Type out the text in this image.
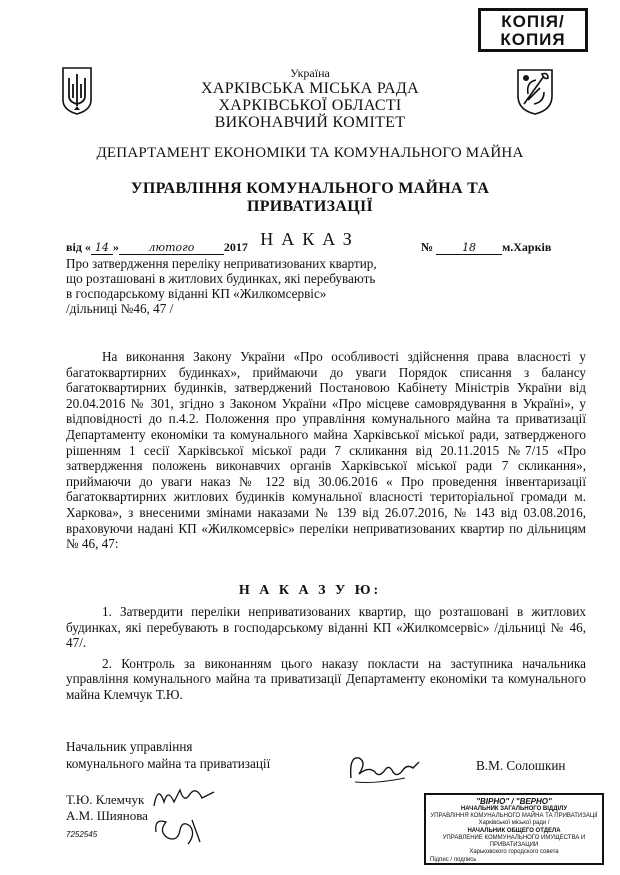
КОПІЯ/
КОПИЯ
Україна
ХАРКІВСЬКА МІСЬКА РАДА
ХАРКІВСЬКОЇ ОБЛАСТІ
ВИКОНАВЧИЙ КОМІТЕТ
ДЕПАРТАМЕНТ ЕКОНОМІКИ ТА КОМУНАЛЬНОГО МАЙНА
УПРАВЛІННЯ КОМУНАЛЬНОГО МАЙНА ТА
ПРИВАТИЗАЦІЇ
НАКАЗ
від « 14 »	лютого 2017	№	18 м.Харків
Про затвердження переліку неприватизованих квартир,
що розташовані в житлових будинках, які перебувають
в господарському віданні КП «Жилкомсервіс»
/дільниці №46, 47 /
На виконання Закону України «Про особливості здійснення права власності у багатоквартирних будинках», приймаючи до уваги Порядок списання з балансу багатоквартирних будинків, затверджений Постановою Кабінету Міністрів України від 20.04.2016 № 301, згідно з Законом України «Про місцеве самоврядування в Україні», у відповідності до п.4.2. Положення про управління комунального майна та приватизації Департаменту економіки та комунального майна Харківської міської ради, затвердженого рішенням 1 сесії Харківської міської ради 7 скликання від 20.11.2015 №7/15 «Про затвердження положень виконавчих органів Харківської міської ради 7 скликання», приймаючи до уваги наказ № 122 від 30.06.2016 « Про проведення інвентаризації багатоквартирних житлових будинків комунальної власності територіальної громади м. Харкова», з внесеними змінами наказами № 139 від 26.07.2016, № 143 від 03.08.2016, враховуючи надані КП «Жилкомсервіс» переліки неприватизованих квартир по дільницям № 46, 47:
Н А К А З У Ю:

1. Затвердити переліки неприватизованих квартир, що розташовані в житлових будинках, які перебувають в господарському віданні КП «Жилкомсервіс» /дільниці № 46, 47/.

2. Контроль за виконанням цього наказу покласти на заступника начальника управління комунального майна та приватизації Департаменту економіки та комунального майна Клемчук Т.Ю.

Начальник управління
комунального майна та приватизації	В.М. Солошкин
Т.Ю. Клемчук
А.М. Шиянова
7252545
"ВІРНО" / "ВЕРНО"
НАЧАЛЬНИК ЗАГАЛЬНОГО ВІДДІЛУ
УПРАВЛІННЯ КОМУНАЛЬНОГО МАЙНА ТА ПРИВАТИЗАЦІЇ
Харківської міської ради /
НАЧАЛЬНИК ОБЩЕГО ОТДЕЛА
УПРАВЛЕНИЕ КОММУНАЛЬНОГО ИМУЩЕСТВА И ПРИВАТИЗАЦИИ
Харьковского городского совета
Підпис / подпись
